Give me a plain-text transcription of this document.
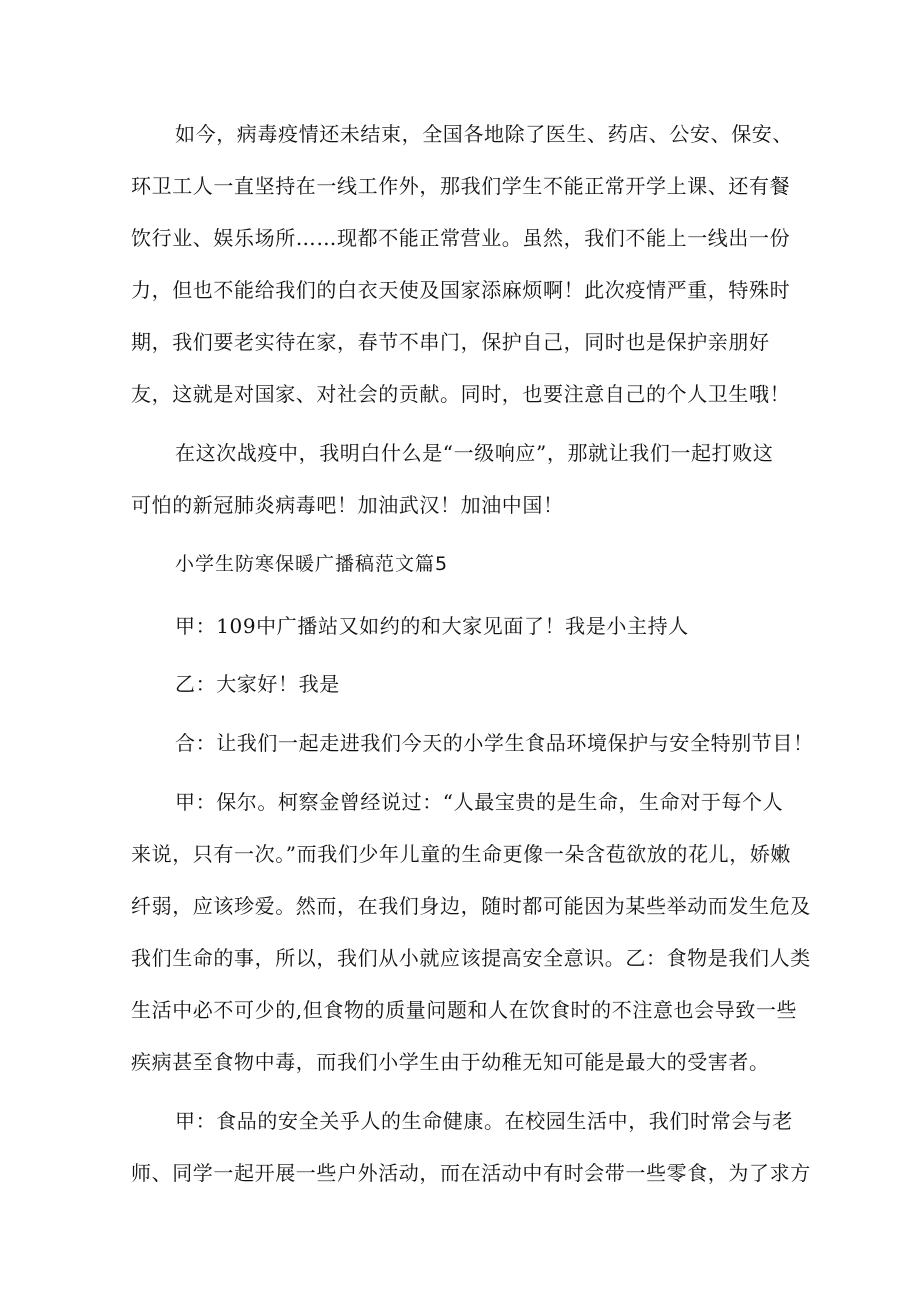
如今，病毒疫情还未结束，全国各地除了医生、药店、公安、保安、
环卫工人一直坚持在一线工作外，那我们学生不能正常开学上课、还有餐
饮行业、娱乐场所……现都不能正常营业。虽然，我们不能上一线出一份
力，但也不能给我们的白衣天使及国家添麻烦啊！此次疫情严重，特殊时
期，我们要老实待在家，春节不串门，保护自己，同时也是保护亲朋好
友，这就是对国家、对社会的贡献。同时，也要注意自己的个人卫生哦！
在这次战疫中，我明白什么是“一级响应”，那就让我们一起打败这
可怕的新冠肺炎病毒吧！加油武汉！加油中国！
小学生防寒保暖广播稿范文篇5
甲：109中广播站又如约的和大家见面了！我是小主持人
乙：大家好！我是
合：让我们一起走进我们今天的小学生食品环境保护与安全特别节目！
甲：保尔。柯察金曾经说过：“人最宝贵的是生命，生命对于每个人
来说，只有一次。”而我们少年儿童的生命更像一朵含苞欲放的花儿，娇嫩
纤弱，应该珍爱。然而，在我们身边，随时都可能因为某些举动而发生危及
我们生命的事，所以，我们从小就应该提高安全意识。乙：食物是我们人类
生活中必不可少的,但食物的质量问题和人在饮食时的不注意也会导致一些
疾病甚至食物中毒，而我们小学生由于幼稚无知可能是最大的受害者。
甲：食品的安全关乎人的生命健康。在校园生活中，我们时常会与老
师、同学一起开展一些户外活动，而在活动中有时会带一些零食，为了求方
